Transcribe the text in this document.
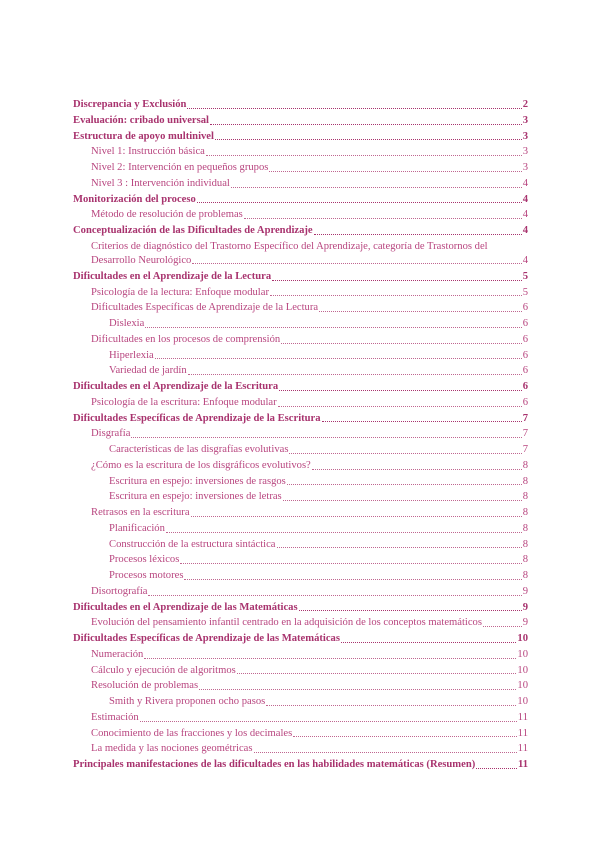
Discrepancia y Exclusión	2
Evaluación: cribado universal	3
Estructura de apoyo multinivel	3
Nivel 1: Instrucción básica	3
Nivel 2: Intervención en pequeños grupos	3
Nivel 3 : Intervención individual	4
Monitorización del proceso	4
Método de resolución de problemas	4
Conceptualización de las Dificultades de Aprendizaje	4
Criterios de diagnóstico del Trastorno Específico del Aprendizaje, categoría de Trastornos del
Desarrollo Neurológico	4
Dificultades en el Aprendizaje de la Lectura	5
Psicología de la lectura: Enfoque modular	5
Dificultades Específicas de Aprendizaje de la Lectura	6
Dislexia	6
Dificultades en los procesos de comprensión	6
Hiperlexia	6
Variedad de jardín	6
Dificultades en el Aprendizaje de la Escritura	6
Psicología de la escritura: Enfoque modular	6
Dificultades Específicas de Aprendizaje de la Escritura	7
Disgrafía	7
Características de las disgrafías evolutivas	7
¿Cómo es la escritura de los disgráficos evolutivos?	8
Escritura en espejo: inversiones de rasgos	8
Escritura en espejo: inversiones de letras	8
Retrasos en la escritura	8
Planificación	8
Construcción de la estructura sintáctica	8
Procesos léxicos	8
Procesos motores	8
Disortografía	9
Dificultades en el Aprendizaje de las Matemáticas	9
Evolución del pensamiento infantil centrado en la adquisición de los conceptos matemáticos	9
Dificultades Específicas de Aprendizaje de las Matemáticas	10
Numeración	10
Cálculo y ejecución de algoritmos	10
Resolución de problemas	10
Smith y Rivera proponen ocho pasos	10
Estimación	11
Conocimiento de las fracciones y los decimales	11
La medida y las nociones geométricas	11
Principales manifestaciones de las dificultades en las habilidades matemáticas (Resumen)	11
